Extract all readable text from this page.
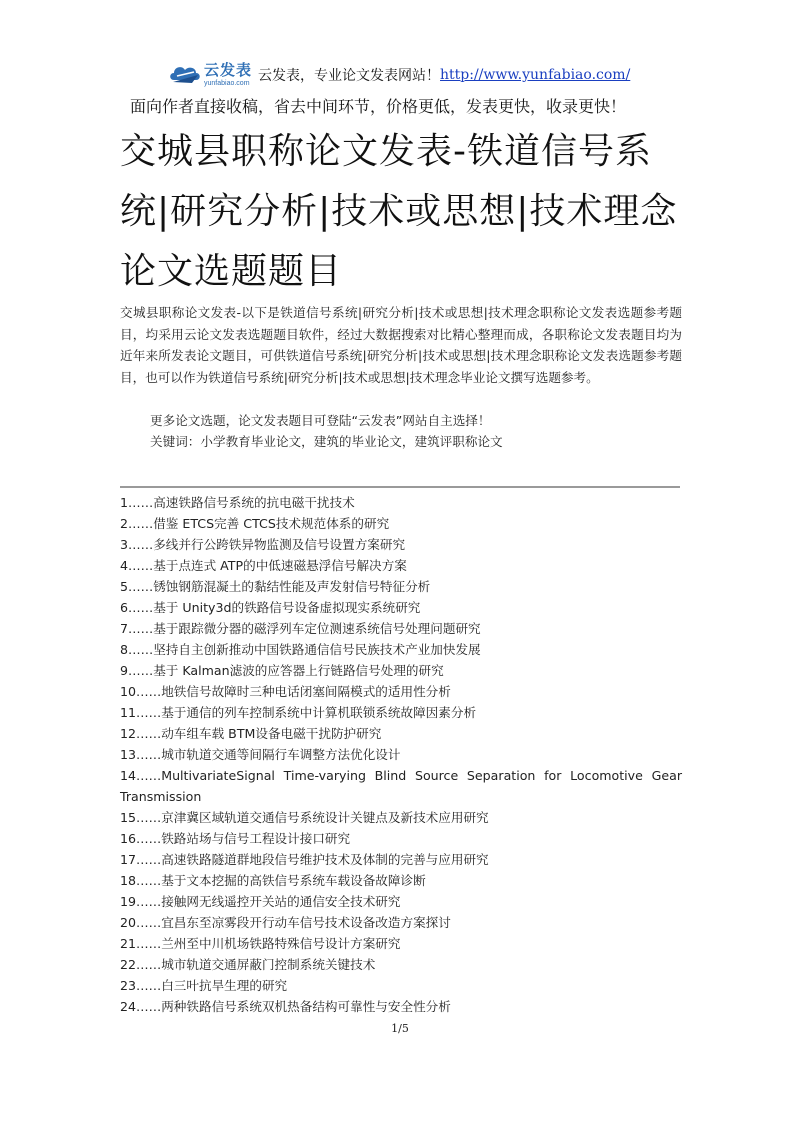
云发表
yunfabiao.com 云发表，专业论文发表网站！ http://www.yunfabiao.com/
面向作者直接收稿，省去中间环节，价格更低，发表更快，收录更快！
交城县职称论文发表-铁道信号系统|研究分析|技术或思想|技术理念论文选题题目

交城县职称论文发表-以下是铁道信号系统|研究分析|技术或思想|技术理念职称论文发表选题参考题目，均采用云论文发表选题题目软件，经过大数据搜索对比精心整理而成，各职称论文发表题目均为近年来所发表论文题目，可供铁道信号系统|研究分析|技术或思想|技术理念职称论文发表选题参考题目，也可以作为铁道信号系统|研究分析|技术或思想|技术理念毕业论文撰写选题参考。

更多论文选题，论文发表题目可登陆“云发表”网站自主选择！
关键词：小学教育毕业论文，建筑的毕业论文，建筑评职称论文
1……高速铁路信号系统的抗电磁干扰技术
2……借鉴 ETCS完善 CTCS技术规范体系的研究
3……多线并行公跨铁异物监测及信号设置方案研究
4……基于点连式 ATP的中低速磁悬浮信号解决方案
5……锈蚀钢筋混凝土的黏结性能及声发射信号特征分析
6……基于 Unity3d的铁路信号设备虚拟现实系统研究
7……基于跟踪微分器的磁浮列车定位测速系统信号处理问题研究
8……坚持自主创新推动中国铁路通信信号民族技术产业加快发展
9……基于 Kalman滤波的应答器上行链路信号处理的研究
10……地铁信号故障时三种电话闭塞间隔模式的适用性分析
11……基于通信的列车控制系统中计算机联锁系统故障因素分析
12……动车组车载 BTM设备电磁干扰防护研究
13……城市轨道交通等间隔行车调整方法优化设计
14……MultivariateSignal Time-varying Blind Source Separation for Locomotive Gear Transmission
15……京津冀区域轨道交通信号系统设计关键点及新技术应用研究
16……铁路站场与信号工程设计接口研究
17……高速铁路隧道群地段信号维护技术及体制的完善与应用研究
18……基于文本挖掘的高铁信号系统车载设备故障诊断
19……接触网无线遥控开关站的通信安全技术研究
20……宜昌东至凉雾段开行动车信号技术设备改造方案探讨
21……兰州至中川机场铁路特殊信号设计方案研究
22……城市轨道交通屏蔽门控制系统关键技术
23……白三叶抗旱生理的研究
24……两种铁路信号系统双机热备结构可靠性与安全性分析
1/5
